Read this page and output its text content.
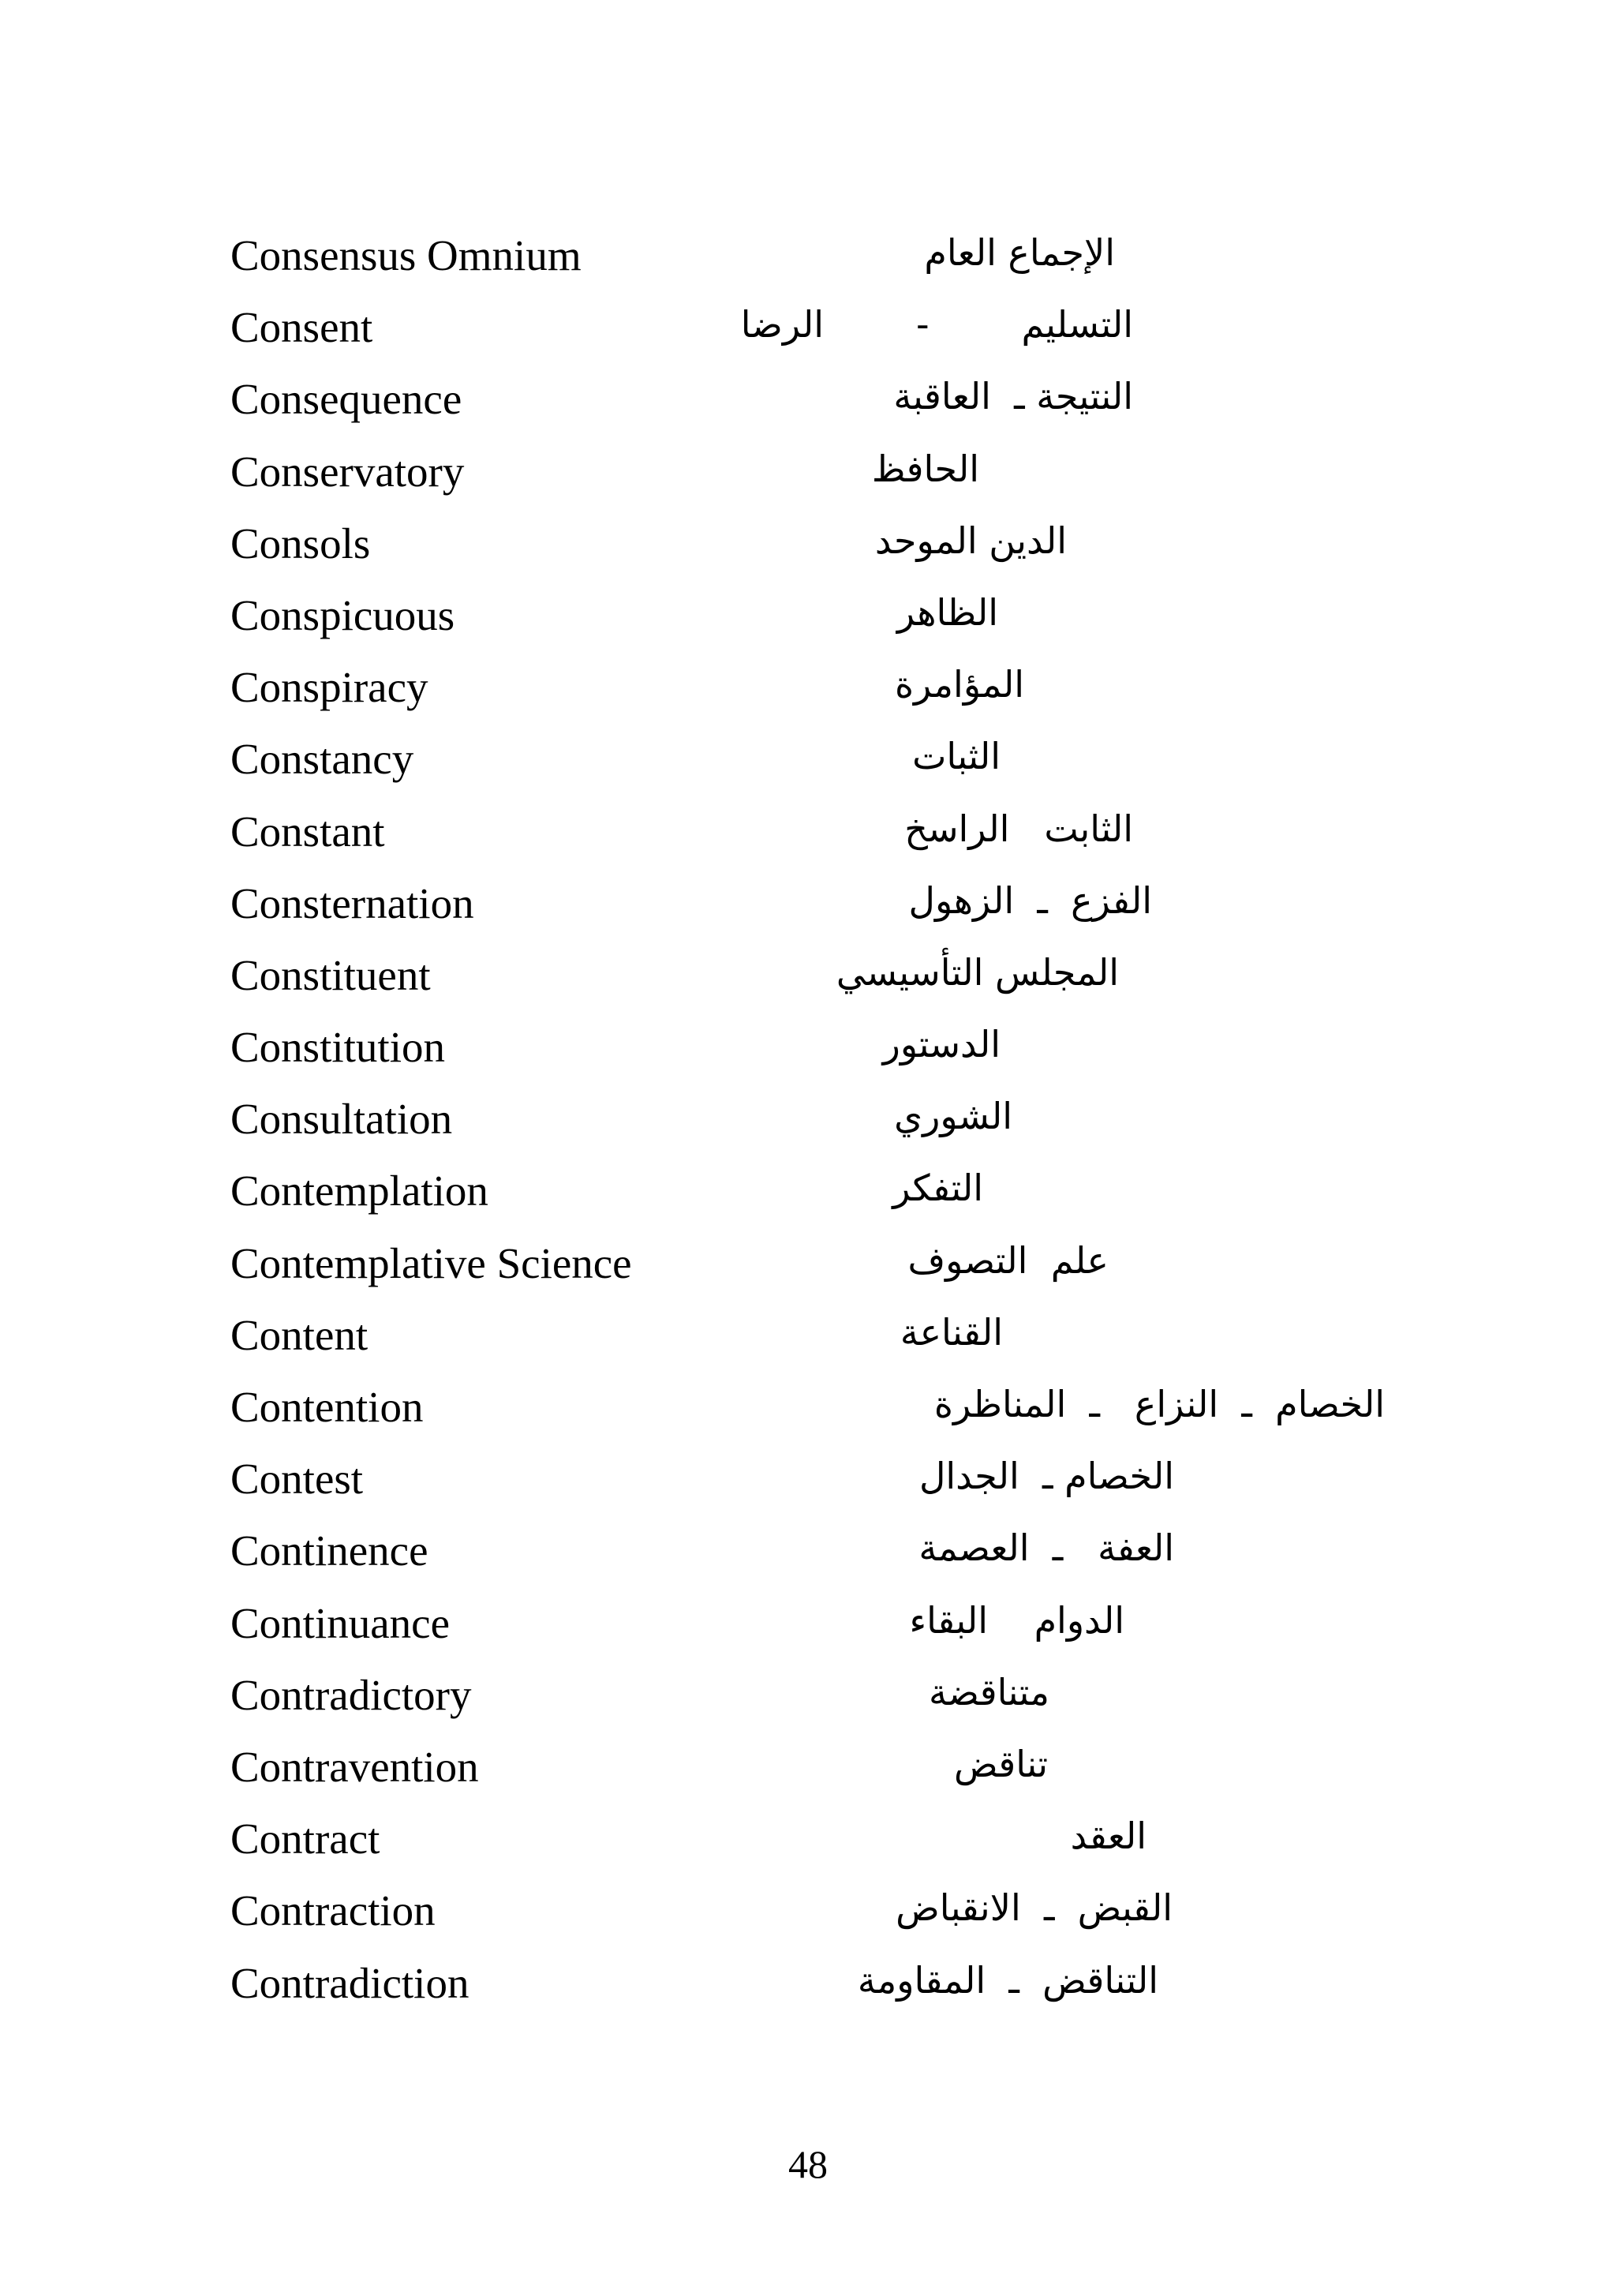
Consensus Omnium	الإجماع العام
Consent	التسليم        -        الرضا
Consequence	النتيجة ـ  العاقبة
Conservatory	الحافظ
Consols	الدين الموحد
Conspicuous	الظاهر
Conspiracy	المؤامرة
Constancy	الثبات
Constant	الثابت   الراسخ
Consternation	الفزع  ـ  الزهول
Constituent	المجلس التأسيسي
Constitution	الدستور
Consultation	الشوري
Contemplation	التفكر
Contemplative Science	علم  التصوف
Content	القناعة
Contention	الخصام  ـ  النزاع   ـ  المناظرة
Contest	الخصام ـ  الجدال
Continence	العفة   ـ  العصمة
Continuance	الدوام    البقاء
Contradictory	متناقضة
Contravention	تناقض
Contract	العقد
Contraction	القبض  ـ  الانقباض
Contradiction	التناقض  ـ  المقاومة
48
